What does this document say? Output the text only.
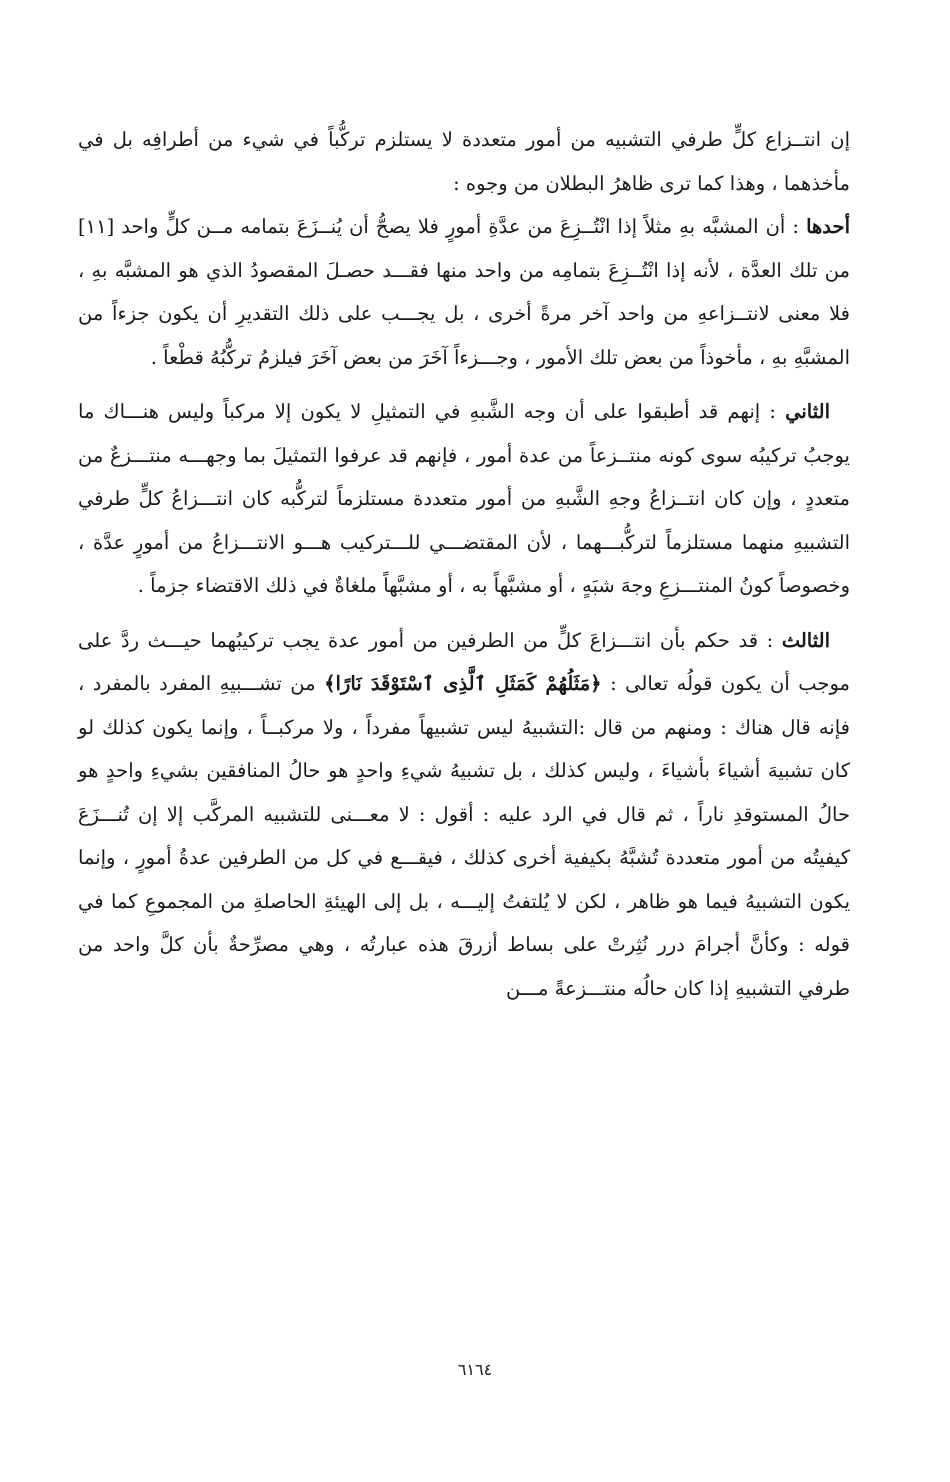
إن انتــزاع كلٍّ طرفي التشبيه من أمور متعددة لا يستلزم تركُّباً في شيء من أطرافِه بل في مأخذهما ، وهذا كما ترى ظاهرُ البطلان من وجوه :

أحدها : أن المشبَّه بهِ مثلاً إذا انْتُــزِعَ من عدَّةِ أمورٍ فلا يصحُّ أن يُنــزَعَ بتمامه مــن كلٍّ واحد [١١] من تلك العدَّة ، لأنه إذا انْتُــزِعَ بتمامِه من واحد منها فقـــد حصـلَ المقصودُ الذي هو المشبَّه بهِ ، فلا معنى لانتــزاعهِ من واحد آخر مرةً أخرى ، بل يجـــب على ذلك التقديرِ أن يكون جزءاً من المشبَّهِ بهِ ، مأخوذاً من بعض تلك الأمور ، وجـــزءاً آخَرَ من بعض آخَرَ فيلزمُ تركُّبُهُ قطْعاً .

الثاني : إنهم قد أطبقوا على أن وجه الشَّبهِ في التمثيلِ لا يكون إلا مركباً وليس هنـــاك ما يوجبُ تركيبُه سوى كونه منتــزعاً من عدة أمور ، فإنهم قد عرفوا التمثيلَ بما وجهـــه منتـــزعٌ من متعددٍ ، وإن كان انتــزاعُ وجهِ الشَّبهِ من أمور متعددة مستلزماً لتركُّبه كان انتـــزاعُ كلٍّ طرفي التشبيهِ منهما مستلزماً لتركُّبـــهما ، لأن المقتضـــي للـــتركيب هـــو الانتـــزاعُ من أمورٍ عدَّة ، وخصوصاً كونُ المنتـــزعِ وجهَ شبَهٍ ، أو مشبَّهاً به ، أو مشبَّهاً ملغاةٌ في ذلك الاقتضاء جزماً .

الثالث : قد حكم بأن انتـــزاعَ كلٍّ من الطرفين من أمور عدة يجب تركيبُهما حيـــث ردَّ على موجب أن يكون قولُه تعالى : ﴿مَثَلُهُمْ كَمَثَلِ ٱلَّذِى ٱسْتَوْقَدَ نَارًا﴾ من تشـــبيهِ المفرد بالمفرد ، فإنه قال هناك : ومنهم من قال :التشبيهُ ليس تشبيهاً مفرداً ، ولا مركبــاً ، وإنما يكون كذلك لو كان تشبيهَ أشياءَ بأشياءَ ، وليس كذلك ، بل تشبيهُ شيءِ واحدٍ هو حالُ المنافقين بشيءِ واحدٍ هو حالُ المستوقدِ ناراً ، ثم قال في الرد عليه : أقول : لا معـــنى للتشبيه المركَّب إلا إن تُنـــزَعَ كيفيتُه من أمور متعددة تُشبَّهُ بكيفية أخرى كذلك ، فيقـــع في كل من الطرفين عدةُ أمورٍ ، وإنما يكون التشبيهُ فيما هو ظاهر ، لكن لا يُلتفتُ إليـــه ، بل إلى الهيئةِ الحاصلةِ من المجموعِ كما في قوله : وكأنَّ أجرامَ درر نُثِرتْ على بساط أزرقَ هذه عبارتُه ، وهي مصرِّحةٌ بأن كلَّ واحد من طرفي التشبيهِ إذا كان حالُه منتـــزعةً مـــن

٦١٦٤
